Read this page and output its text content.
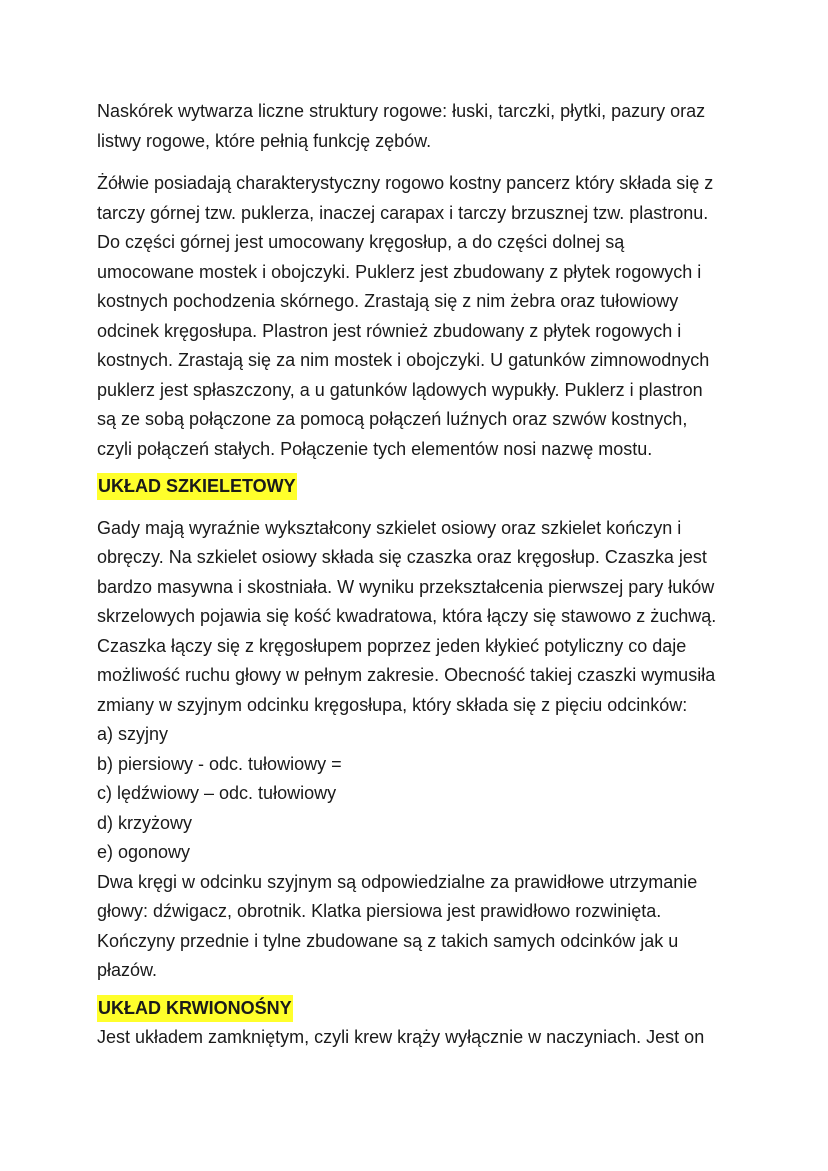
Naskórek wytwarza liczne struktury rogowe: łuski, tarczki, płytki, pazury oraz
listwy rogowe, które pełnią funkcję zębów.

Żółwie posiadają charakterystyczny rogowo kostny pancerz który składa się z
tarczy górnej tzw. puklerza, inaczej carapax i tarczy brzusznej tzw. plastronu.
Do części górnej jest umocowany kręgosłup, a do części dolnej są
umocowane mostek i obojczyki. Puklerz jest zbudowany z płytek rogowych i
kostnych pochodzenia skórnego. Zrastają się z nim żebra oraz tułowiowy
odcinek kręgosłupa. Plastron jest również zbudowany z płytek rogowych i
kostnych. Zrastają się za nim mostek i obojczyki. U gatunków zimnowodnych
puklerz jest spłaszczony, a u gatunków lądowych wypukły. Puklerz i plastron
są ze sobą połączone za pomocą połączeń luźnych oraz szwów kostnych,
czyli połączeń stałych. Połączenie tych elementów nosi nazwę mostu.

UKŁAD SZKIELETOWY

Gady mają wyraźnie wykształcony szkielet osiowy oraz szkielet kończyn i
obręczy. Na szkielet osiowy składa się czaszka oraz kręgosłup. Czaszka jest
bardzo masywna i skostniała. W wyniku przekształcenia pierwszej pary łuków
skrzelowych pojawia się kość kwadratowa, która łączy się stawowo z żuchwą.
Czaszka łączy się z kręgosłupem poprzez jeden kłykieć potyliczny co daje
możliwość ruchu głowy w pełnym zakresie. Obecność takiej czaszki wymusiła
zmiany w szyjnym odcinku kręgosłupa, który składa się z pięciu odcinków:

a) szyjny
b) piersiowy - odc. tułowiowy =
c) lędźwiowy – odc. tułowiowy
d) krzyżowy
e) ogonowy

Dwa kręgi w odcinku szyjnym są odpowiedzialne za prawidłowe utrzymanie
głowy: dźwigacz, obrotnik. Klatka piersiowa jest prawidłowo rozwinięta.
Kończyny przednie i tylne zbudowane są z takich samych odcinków jak u
płazów.

UKŁAD KRWIONOŚNY

Jest układem zamkniętym, czyli krew krąży wyłącznie w naczyniach. Jest on
